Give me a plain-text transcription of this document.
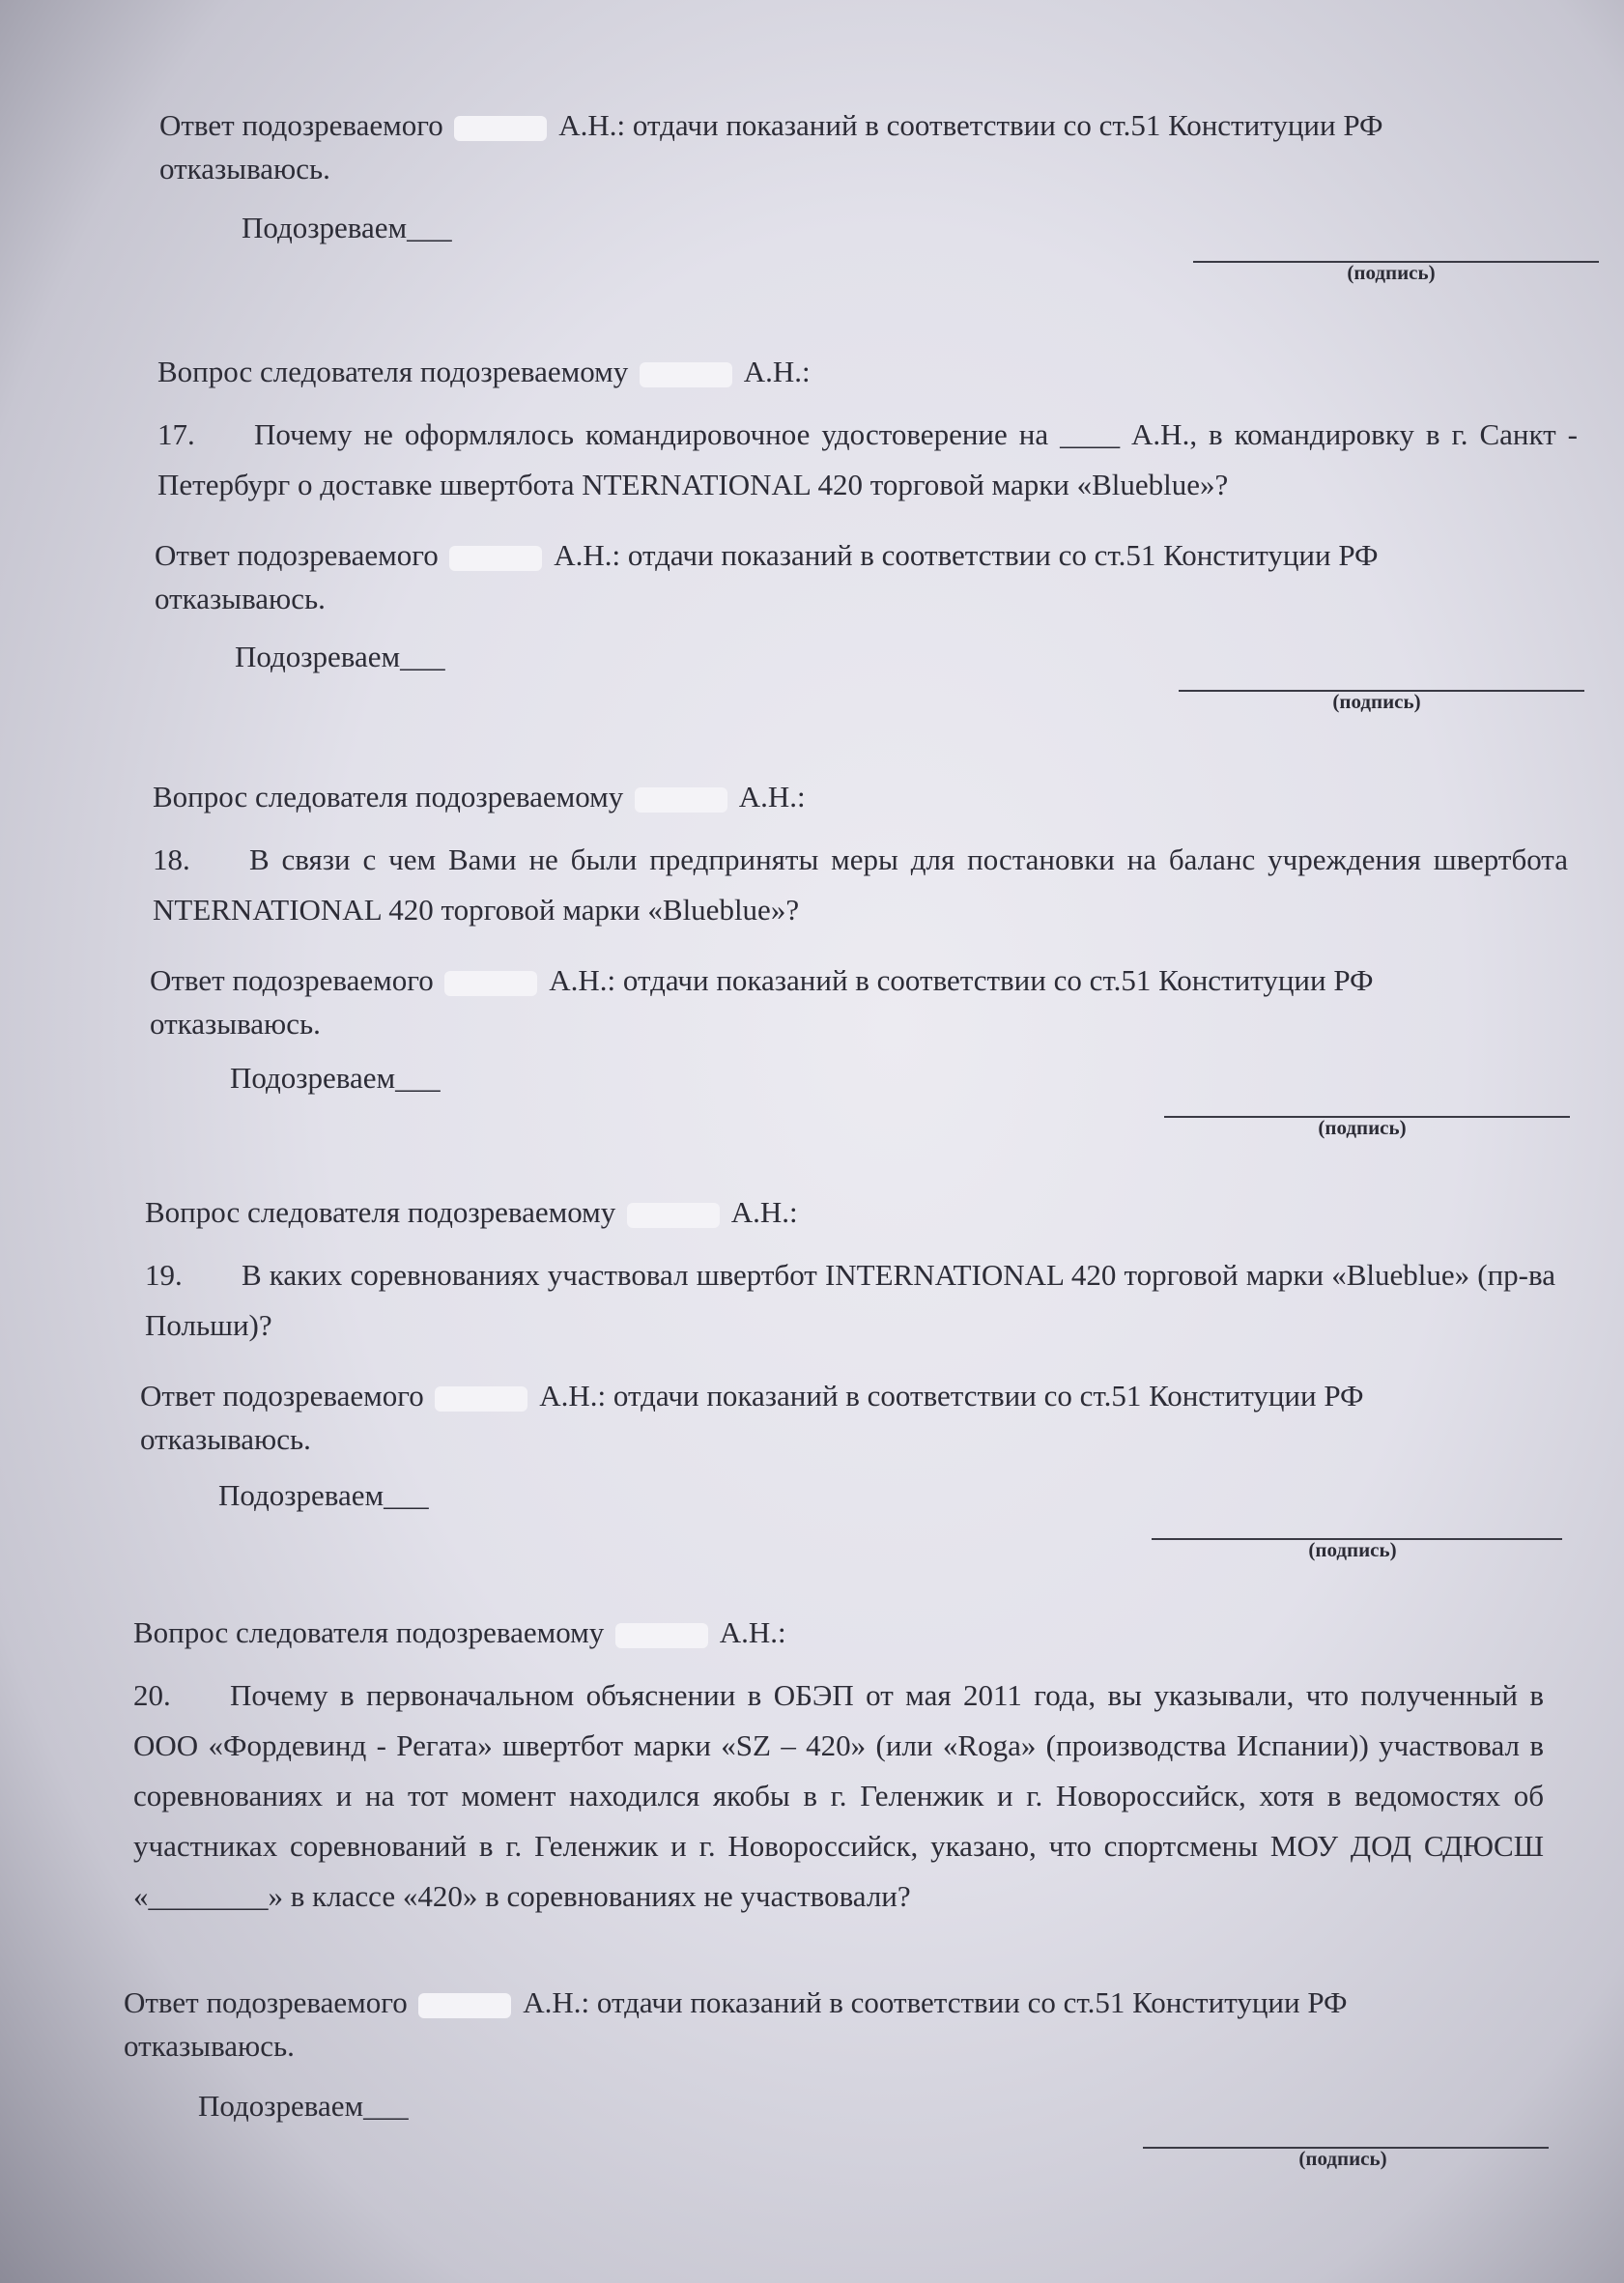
Ответ подозреваемого	А.Н.: отдачи показаний в соответствии со ст.51 Конституции РФ

отказываюсь.

Подозреваем___
(подпись)

Вопрос следователя подозреваемому	А.Н.:

17. Почему не оформлялось командировочное удостоверение на ____ А.Н., в командировку в г. Санкт - Петербург о доставке швертбота NTERNATIONAL 420 торговой марки «Blueblue»?

Ответ подозреваемого	А.Н.: отдачи показаний в соответствии со ст.51 Конституции РФ

отказываюсь.

Подозреваем___
(подпись)

Вопрос следователя подозреваемому	А.Н.:

18. В связи с чем Вами не были предприняты меры для постановки на баланс учреждения швертбота NTERNATIONAL 420 торговой марки «Blueblue»?

Ответ подозреваемого	А.Н.: отдачи показаний в соответствии со ст.51 Конституции РФ

отказываюсь.

Подозреваем___
(подпись)

Вопрос следователя подозреваемому	А.Н.:

19. В каких соревнованиях участвовал швертбот INTERNATIONAL 420 торговой марки «Blueblue» (пр-ва Польши)?

Ответ подозреваемого	А.Н.: отдачи показаний в соответствии со ст.51 Конституции РФ

отказываюсь.

Подозреваем___
(подпись)

Вопрос следователя подозреваемому	А.Н.:

20. Почему в первоначальном объяснении в ОБЭП от мая 2011 года, вы указывали, что полученный в ООО «Фордевинд - Регата» швертбот марки «SZ – 420» (или «Roga» (производства Испании)) участвовал в соревнованиях и на тот момент находился якобы в г. Геленжик и г. Новороссийск, хотя в ведомостях об участниках соревнований в г. Геленжик и г. Новороссийск, указано, что спортсмены МОУ ДОД СДЮСШ «________» в классе «420» в соревнованиях не участвовали?

Ответ подозреваемого	А.Н.: отдачи показаний в соответствии со ст.51 Конституции РФ

отказываюсь.

Подозреваем___
(подпись)
